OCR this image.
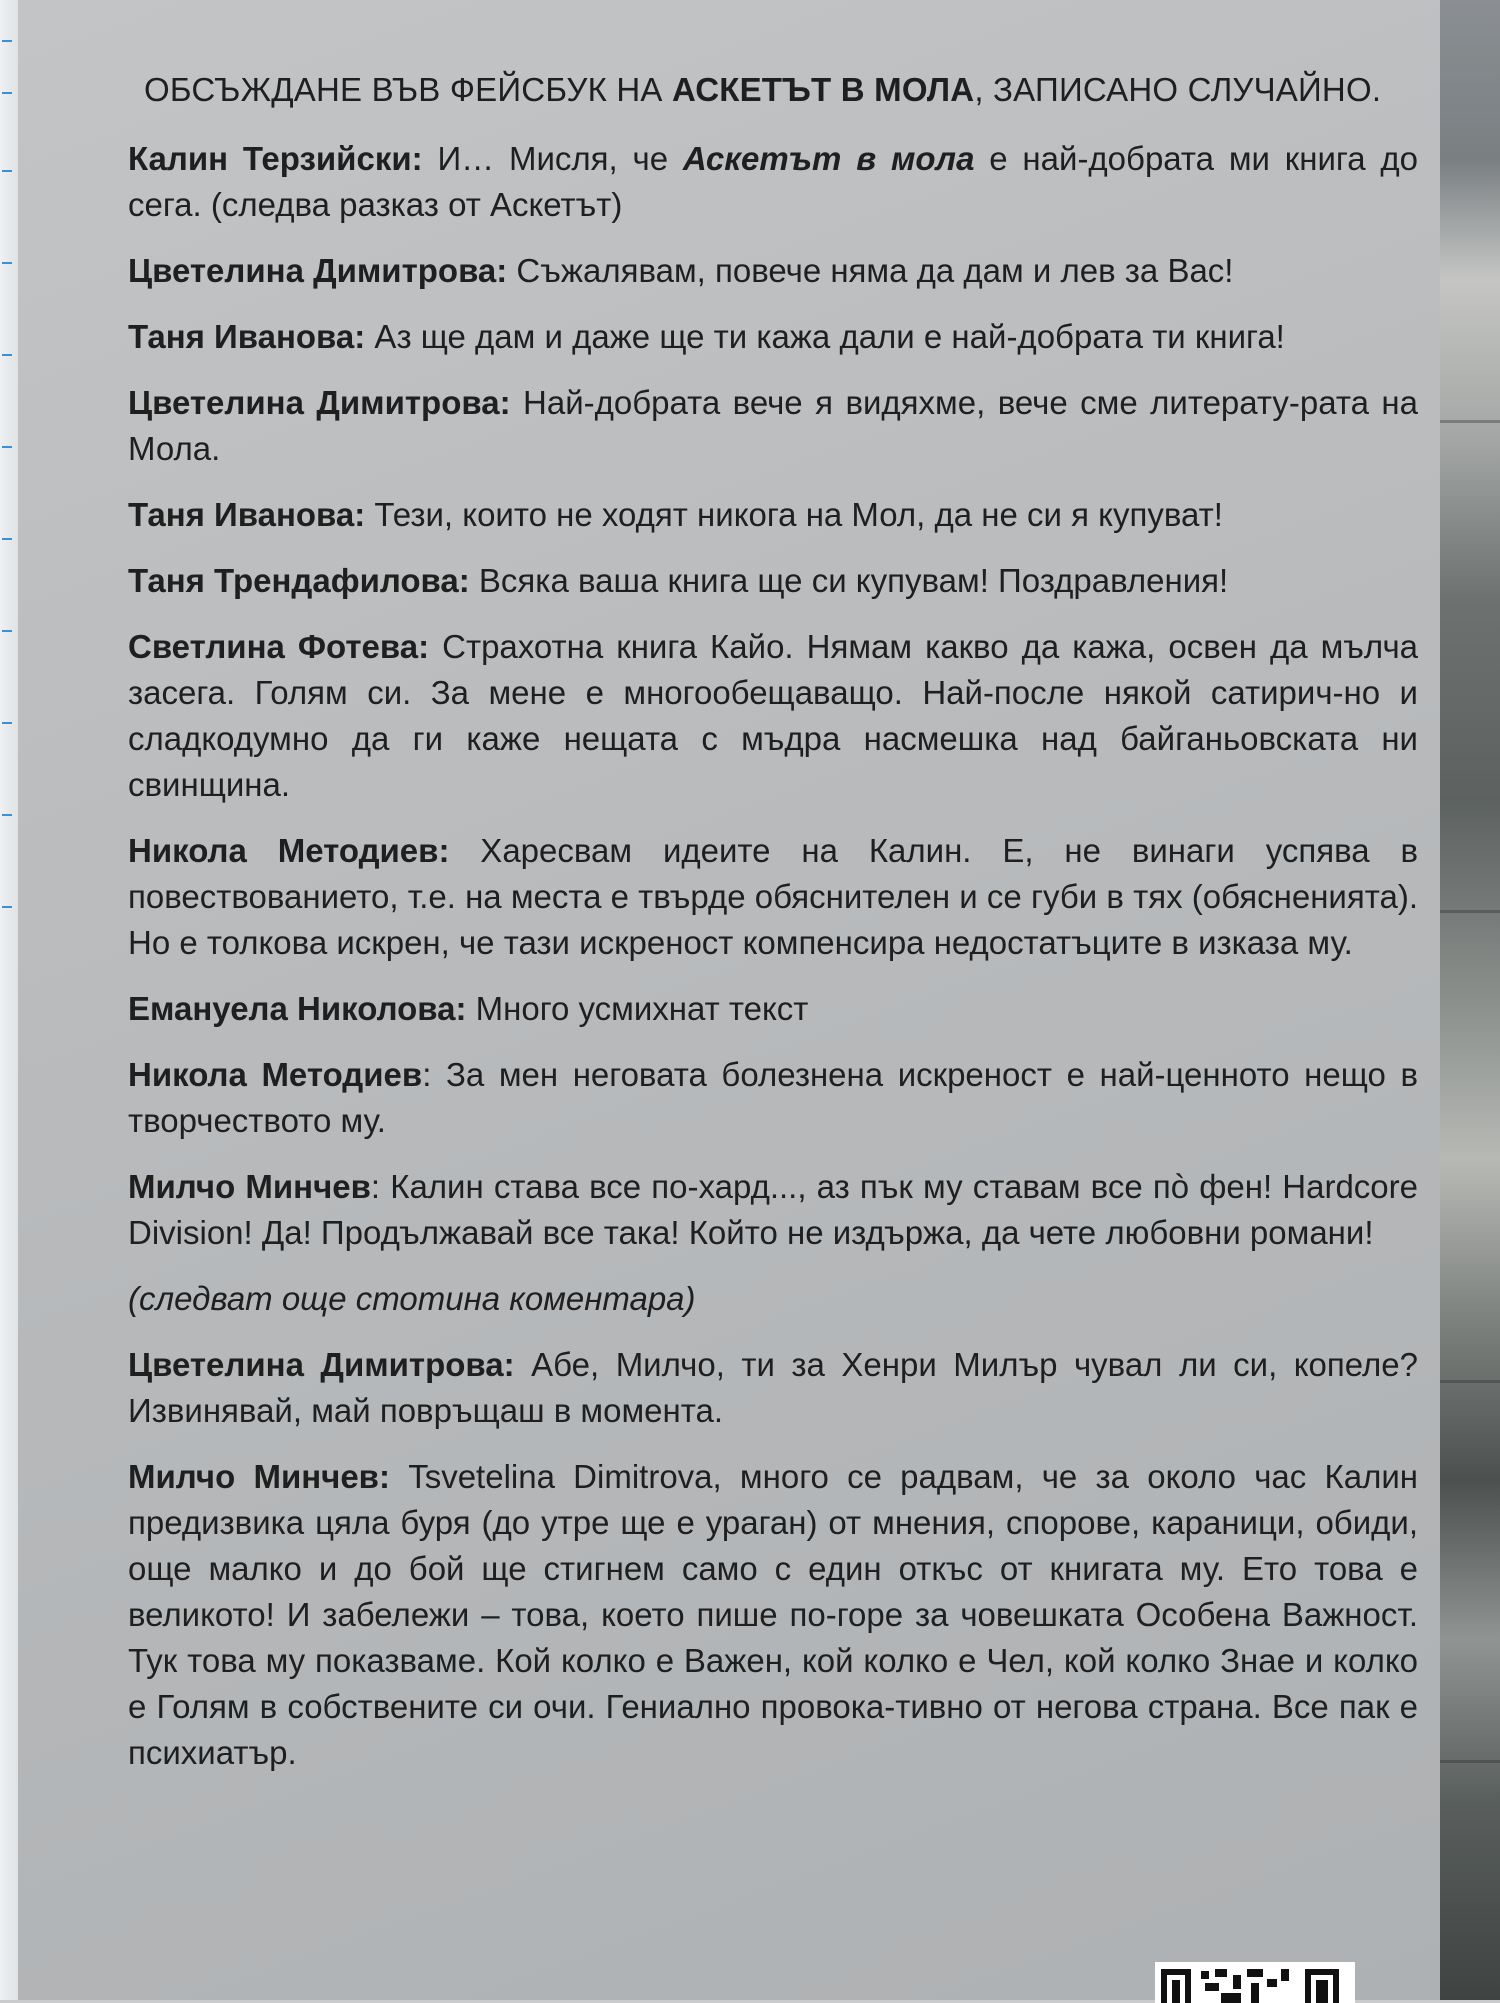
ОБСЪЖДАНЕ ВЪВ ФЕЙСБУК НА АСКЕТЪТ В МОЛА, ЗАПИСАНО СЛУЧАЙНО.

Калин Терзийски: И… Мисля, че Аскетът в мола е най-добрата ми книга до сега. (следва разказ от Аскетът)

Цветелина Димитрова: Съжалявам, повече няма да дам и лев за Вас!

Таня Иванова: Аз ще дам и даже ще ти кажа дали е най-добрата ти книга!

Цветелина Димитрова: Най-добрата вече я видяхме, вече сме литерату-рата на Мола.

Таня Иванова: Тези, които не ходят никога на Мол, да не си я купуват!

Таня Трендафилова: Всяка ваша книга ще си купувам! Поздравления!

Светлина Фотева: Страхотна книга Кайо. Нямам какво да кажа, освен да мълча засега. Голям си. За мене е многообещаващо. Най-после някой сатирич-но и сладкодумно да ги каже нещата с мъдра насмешка над байганьовската ни свинщина.

Никола Методиев: Харесвам идеите на Калин. Е, не винаги успява в повествованието, т.е. на места е твърде обяснителен и се губи в тях (обясненията). Но е толкова искрен, че тази искреност компенсира недостатъците в изказа му.

Емануела Николова: Много усмихнат текст

Никола Методиев: За мен неговата болезнена искреност е най-ценното нещо в творчеството му.

Милчо Минчев: Калин става все по-хард..., аз пък му ставам все пò фен! Hardcore Division! Да! Продължавай все така! Който не издържа, да чете любовни романи!

(следват още стотина коментара)

Цветелина Димитрова: Абе, Милчо, ти за Хенри Милър чувал ли си, копеле? Извинявай, май повръщаш в момента.

Милчо Минчев: Tsvetelina Dimitrova, много се радвам, че за около час Калин предизвика цяла буря (до утре ще е ураган) от мнения, спорове, караници, обиди, още малко и до бой ще стигнем само с един откъс от книгата му. Ето това е великото! И забележи – това, което пише по-горе за човешката Особена Важност. Тук това му показваме. Кой колко е Важен, кой колко е Чел, кой колко Знае и колко е Голям в собствените си очи. Гениално провока-тивно от негова страна. Все пак е психиатър.
